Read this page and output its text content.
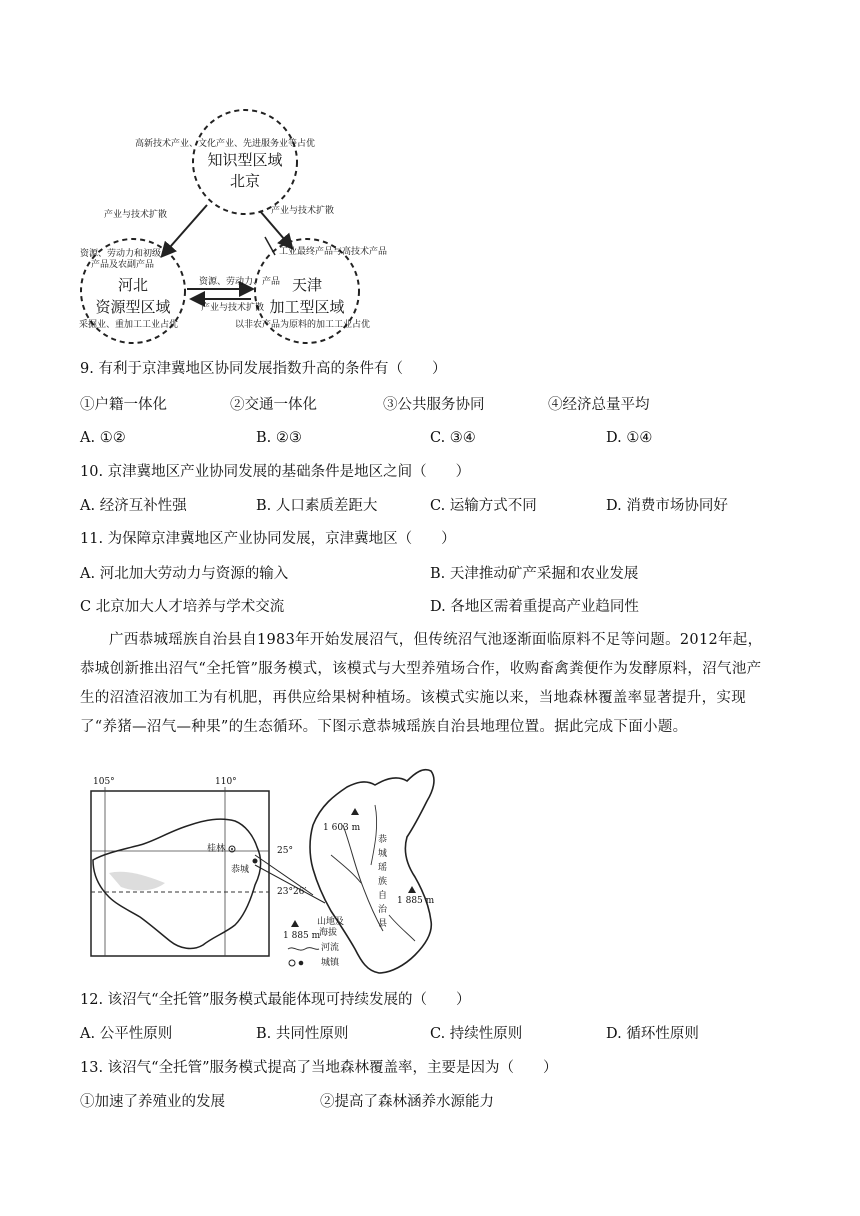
高新技术产业、文化产业、先进服务业等占优
知识型区域
北京
产业与技术扩散	产业与技术扩散
资源、劳动力和初级
产品及农副产品
河北
资源型区域
采掘业、重加工工业占优
工业最终产品与高技术产品
天津
加工型区域
以非农产品为原料的加工工业占优
资源、劳动力、产品
产业与技术扩散
9. 有利于京津冀地区协同发展指数升高的条件有（　　）
①户籍一体化	②交通一体化	③公共服务协同	④经济总量平均
A. ①②	B. ②③	C. ③④	D. ①④
10. 京津冀地区产业协同发展的基础条件是地区之间（　　）
A. 经济互补性强	B. 人口素质差距大	C. 运输方式不同	D. 消费市场协同好
11. 为保障京津冀地区产业协同发展，京津冀地区（　　）
A. 河北加大劳动力与资源的输入	B. 天津推动矿产采掘和农业发展
C 北京加大人才培养与学术交流	D. 各地区需着重提高产业趋同性
广西恭城瑶族自治县自1983年开始发展沼气，但传统沼气池逐渐面临原料不足等问题。2012年起，恭城创新推出沼气“全托管”服务模式，该模式与大型养殖场合作，收购畜禽粪便作为发酵原料，沼气池产生的沼渣沼液加工为有机肥，再供应给果树种植场。该模式实施以来，当地森林覆盖率显著提升，实现了“养猪—沼气—种果”的生态循环。下图示意恭城瑶族自治县地理位置。据此完成下面小题。
105°	110°
25°
23°26′
桂林
恭城
1 603 m
1 885 m
恭
城
瑶
族
自
治
县
山地及
海拔
1 885 m
河流
城镇
12. 该沼气“全托管”服务模式最能体现可持续发展的（　　）
A. 公平性原则	B. 共同性原则	C. 持续性原则	D. 循环性原则
13. 该沼气“全托管”服务模式提高了当地森林覆盖率，主要是因为（　　）
①加速了养殖业的发展	②提高了森林涵养水源能力
